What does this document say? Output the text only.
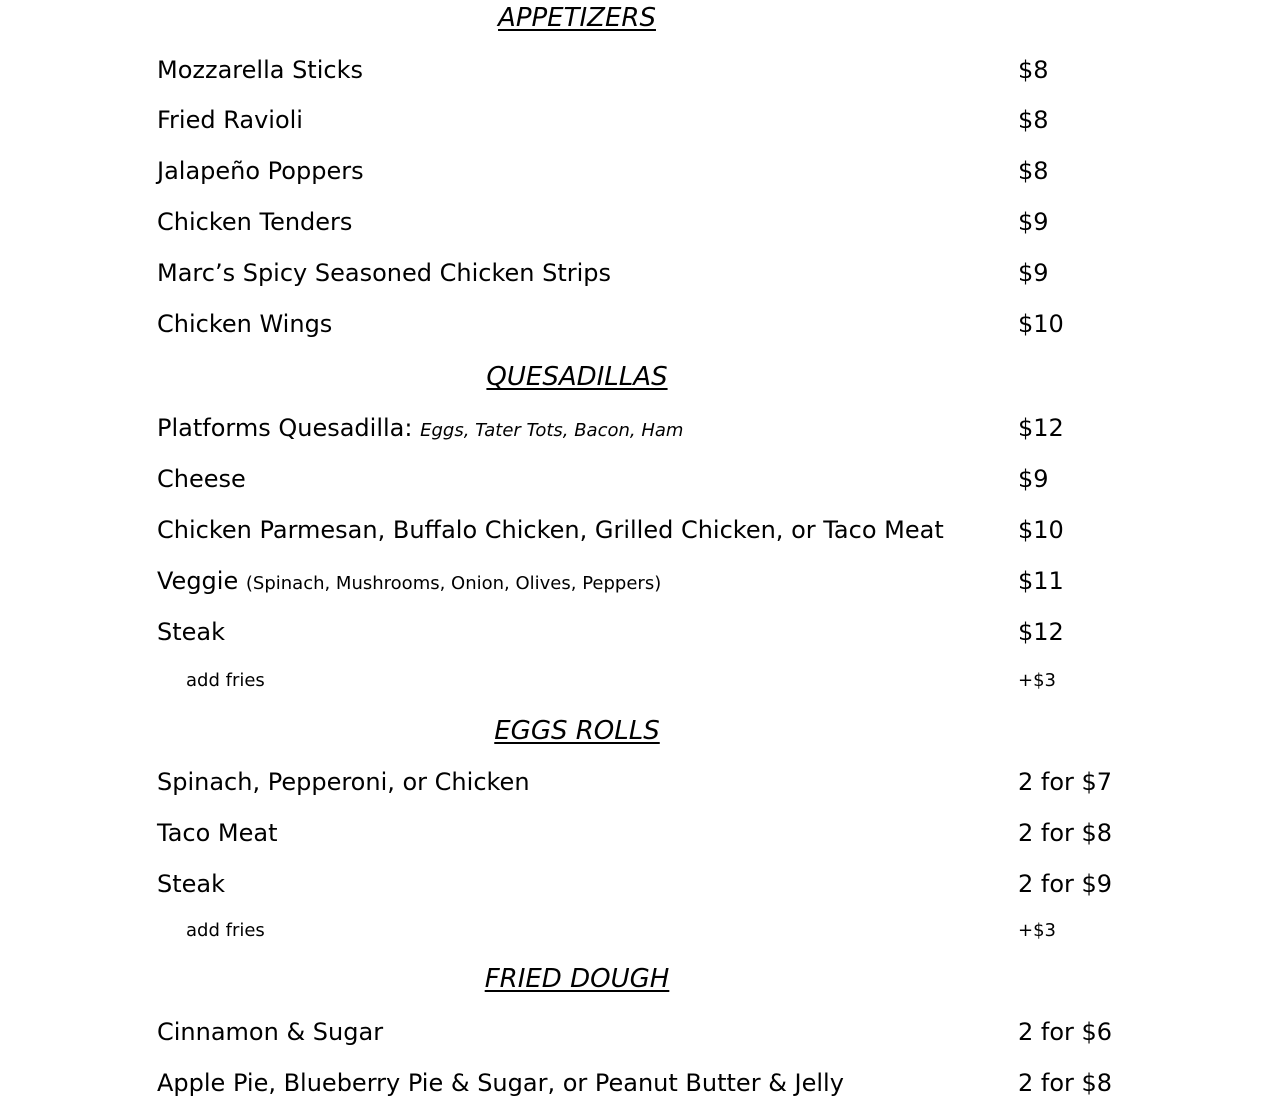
APPETIZERS
Mozzarella Sticks	$8
Fried Ravioli	$8
Jalapeño Poppers	$8
Chicken Tenders	$9
Marc’s Spicy Seasoned Chicken Strips	$9
Chicken Wings	$10
QUESADILLAS
Platforms Quesadilla: Eggs, Tater Tots, Bacon, Ham	$12
Cheese	$9
Chicken Parmesan, Buffalo Chicken, Grilled Chicken, or Taco Meat	$10
Veggie (Spinach, Mushrooms, Onion, Olives, Peppers)	$11
Steak	$12
add fries	+$3
EGGS ROLLS
Spinach, Pepperoni, or Chicken	2 for $7
Taco Meat	2 for $8
Steak	2 for $9
add fries	+$3
FRIED DOUGH
Cinnamon & Sugar	2 for $6
Apple Pie, Blueberry Pie & Sugar, or Peanut Butter & Jelly	2 for $8
